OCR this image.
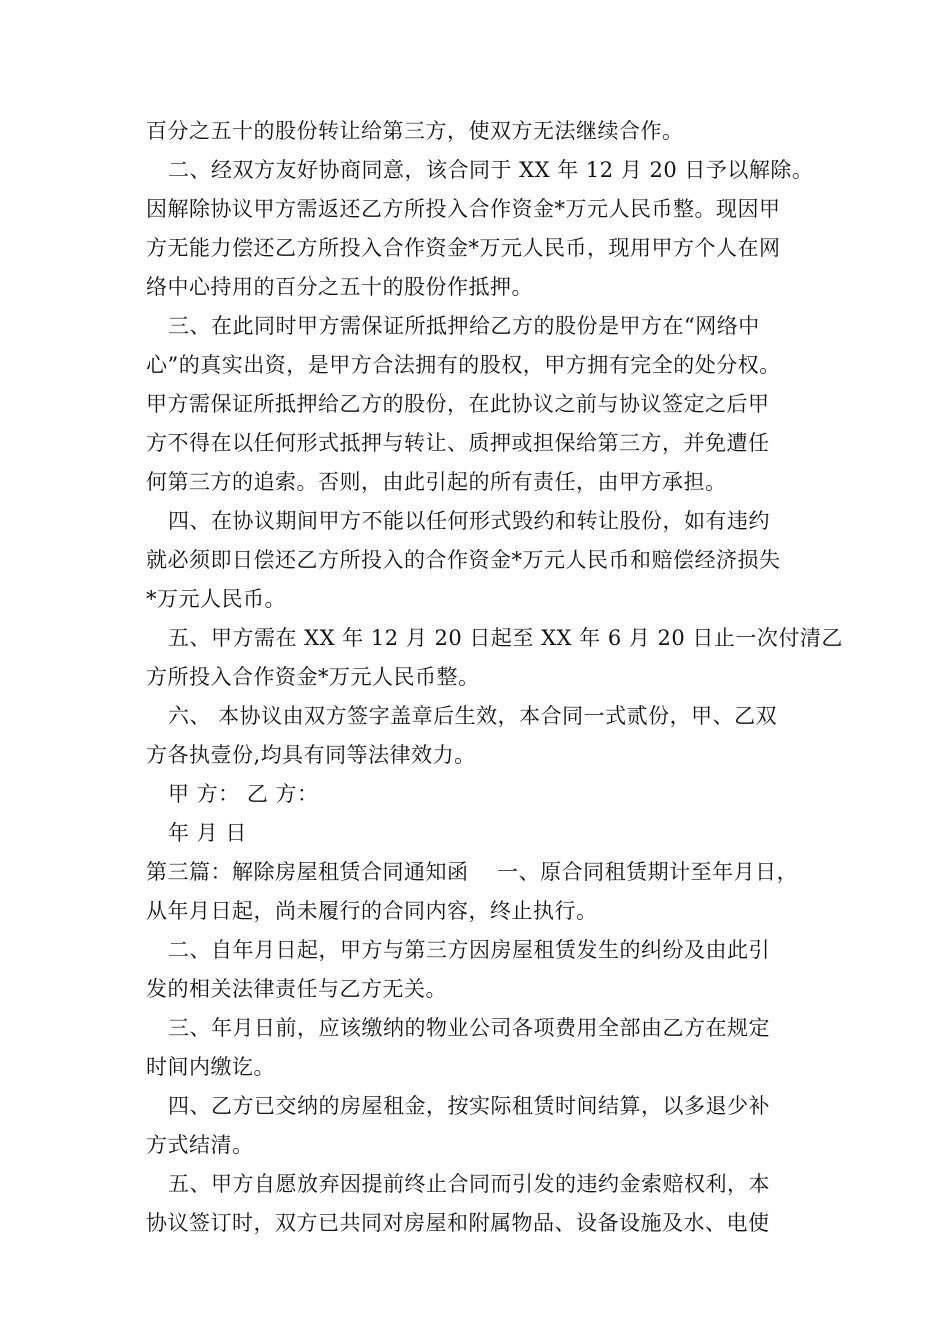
百分之五十的股份转让给第三方，使双方无法继续合作。
二、经双方友好协商同意，该合同于 XX 年 12 月 20 日予以解除。
因解除协议甲方需返还乙方所投入合作资金*万元人民币整。现因甲
方无能力偿还乙方所投入合作资金*万元人民币，现用甲方个人在网
络中心持用的百分之五十的股份作抵押。
三、在此同时甲方需保证所抵押给乙方的股份是甲方在“网络中
心”的真实出资，是甲方合法拥有的股权，甲方拥有完全的处分权。
甲方需保证所抵押给乙方的股份，在此协议之前与协议签定之后甲
方不得在以任何形式抵押与转让、质押或担保给第三方，并免遭任
何第三方的追索。否则，由此引起的所有责任，由甲方承担。
四、在协议期间甲方不能以任何形式毁约和转让股份，如有违约
就必须即日偿还乙方所投入的合作资金*万元人民币和赔偿经济损失
*万元人民币。
五、甲方需在 XX 年 12 月 20 日起至 XX 年 6 月 20 日止一次付清乙
方所投入合作资金*万元人民币整。
六、 本协议由双方签字盖章后生效，本合同一式贰份，甲、乙双
方各执壹份,均具有同等法律效力。
甲 方： 乙 方：
年 月 日
第三篇：解除房屋租赁合同通知函　 一、原合同租赁期计至年月日，
从年月日起，尚未履行的合同内容，终止执行。
二、自年月日起，甲方与第三方因房屋租赁发生的纠纷及由此引
发的相关法律责任与乙方无关。
三、年月日前，应该缴纳的物业公司各项费用全部由乙方在规定
时间内缴讫。
四、乙方已交纳的房屋租金，按实际租赁时间结算，以多退少补
方式结清。
五、甲方自愿放弃因提前终止合同而引发的违约金索赔权利，本
协议签订时，双方已共同对房屋和附属物品、设备设施及水、电使
